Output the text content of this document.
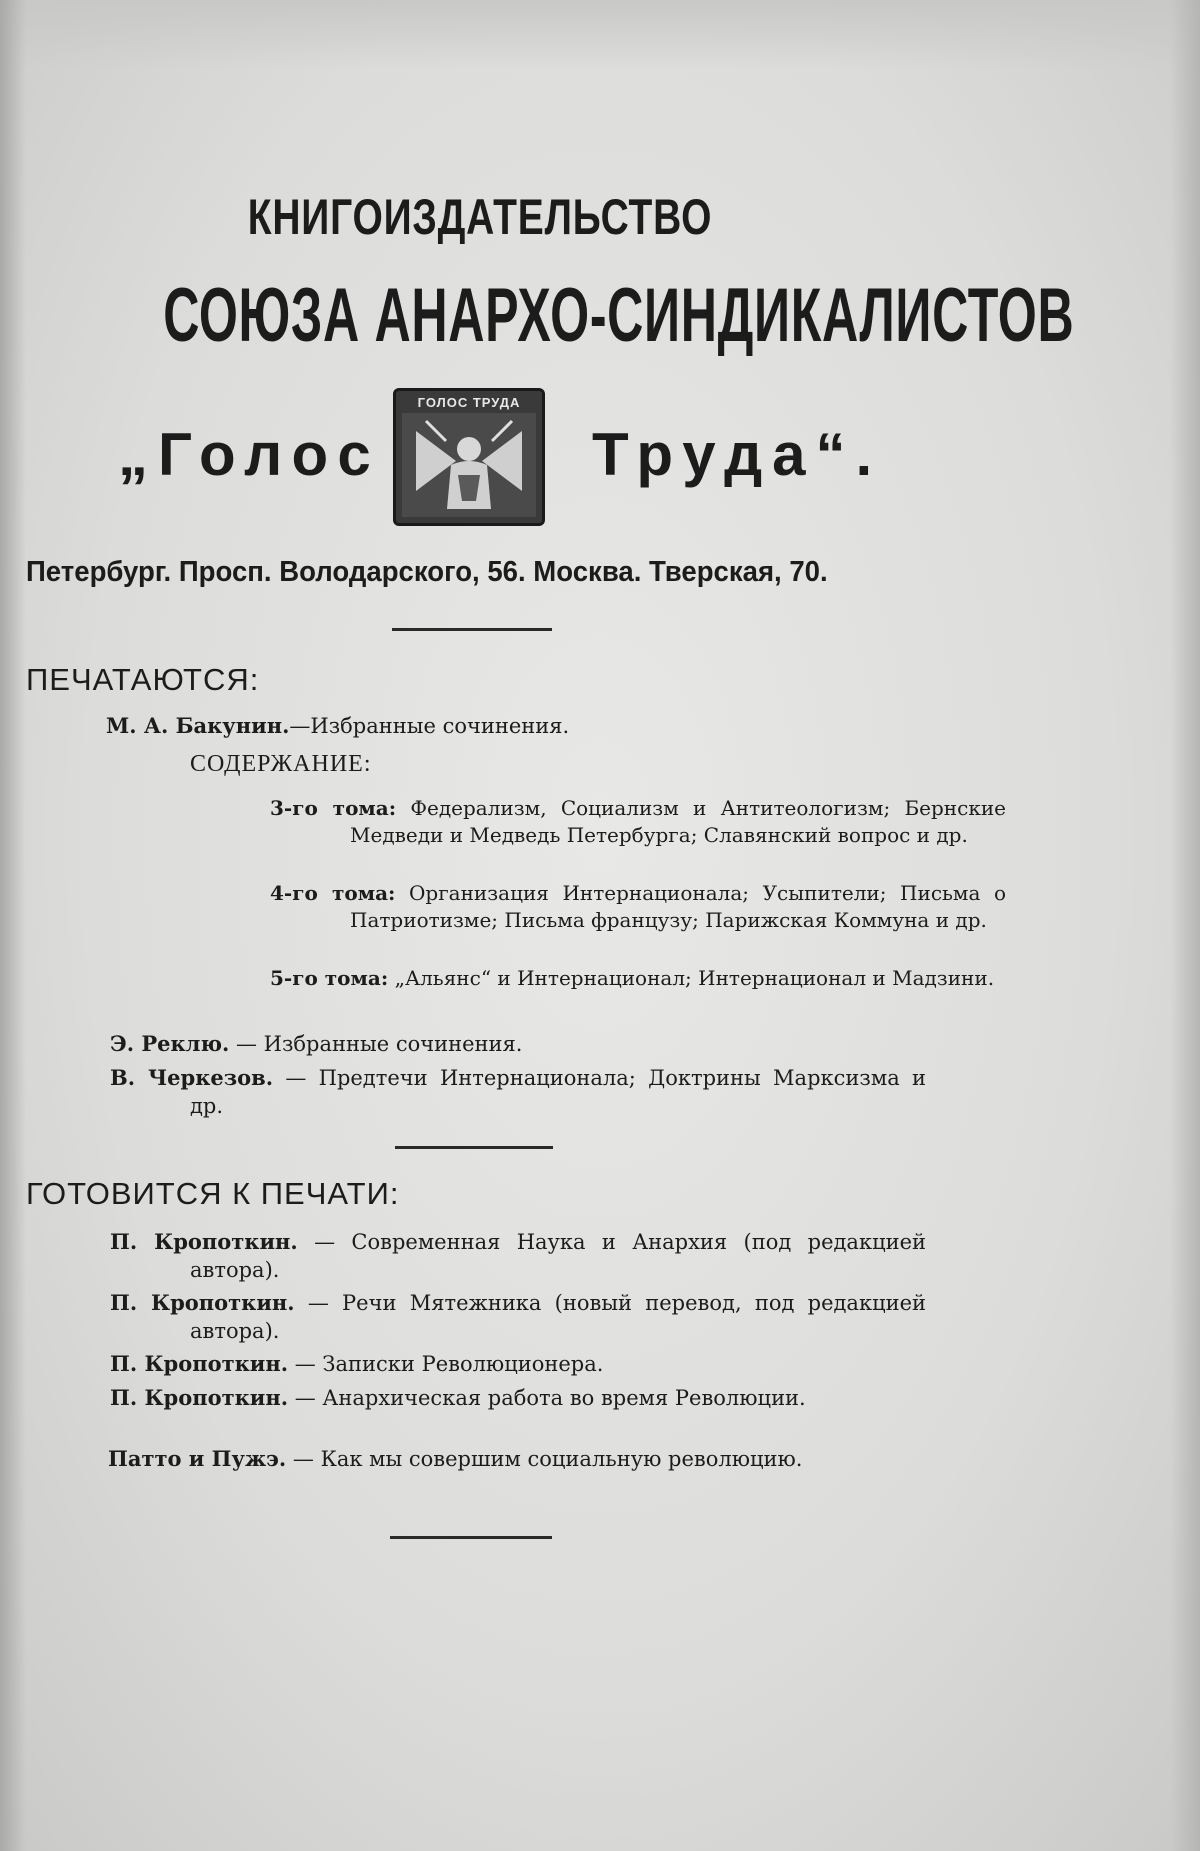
КНИГОИЗДАТЕЛЬСТВО
СОЮЗА АНАРХО-СИНДИКАЛИСТОВ
„Голос
ГОЛОС ТРУДА
Труда“.
Петербург. Просп. Володарского, 56. Москва. Тверская, 70.
ПЕЧАТАЮТСЯ:
М. А. Бакунин.—Избранные сочинения.
СОДЕРЖАНИЕ:
3-го тома: Федерализм, Социализм и Антитеологизм; Бернские Медведи и Медведь Петербурга; Славянский вопрос и др.
4-го тома: Организация Интернационала; Усыпители; Письма о Патриотизме; Письма французу; Парижская Коммуна и др.
5-го тома: „Альянс“ и Интернационал; Интернационал и Мадзини.
Э. Реклю. — Избранные сочинения.
В. Черкезов. — Предтечи Интернационала; Доктрины Марксизма и др.
ГОТОВИТСЯ К ПЕЧАТИ:
П. Кропоткин. — Современная Наука и Анархия (под редакцией автора).
П. Кропоткин. — Речи Мятежника (новый перевод, под редакцией автора).
П. Кропоткин. — Записки Революционера.
П. Кропоткин. — Анархическая работа во время Революции.
Патто и Пужэ. — Как мы совершим социальную революцию.
